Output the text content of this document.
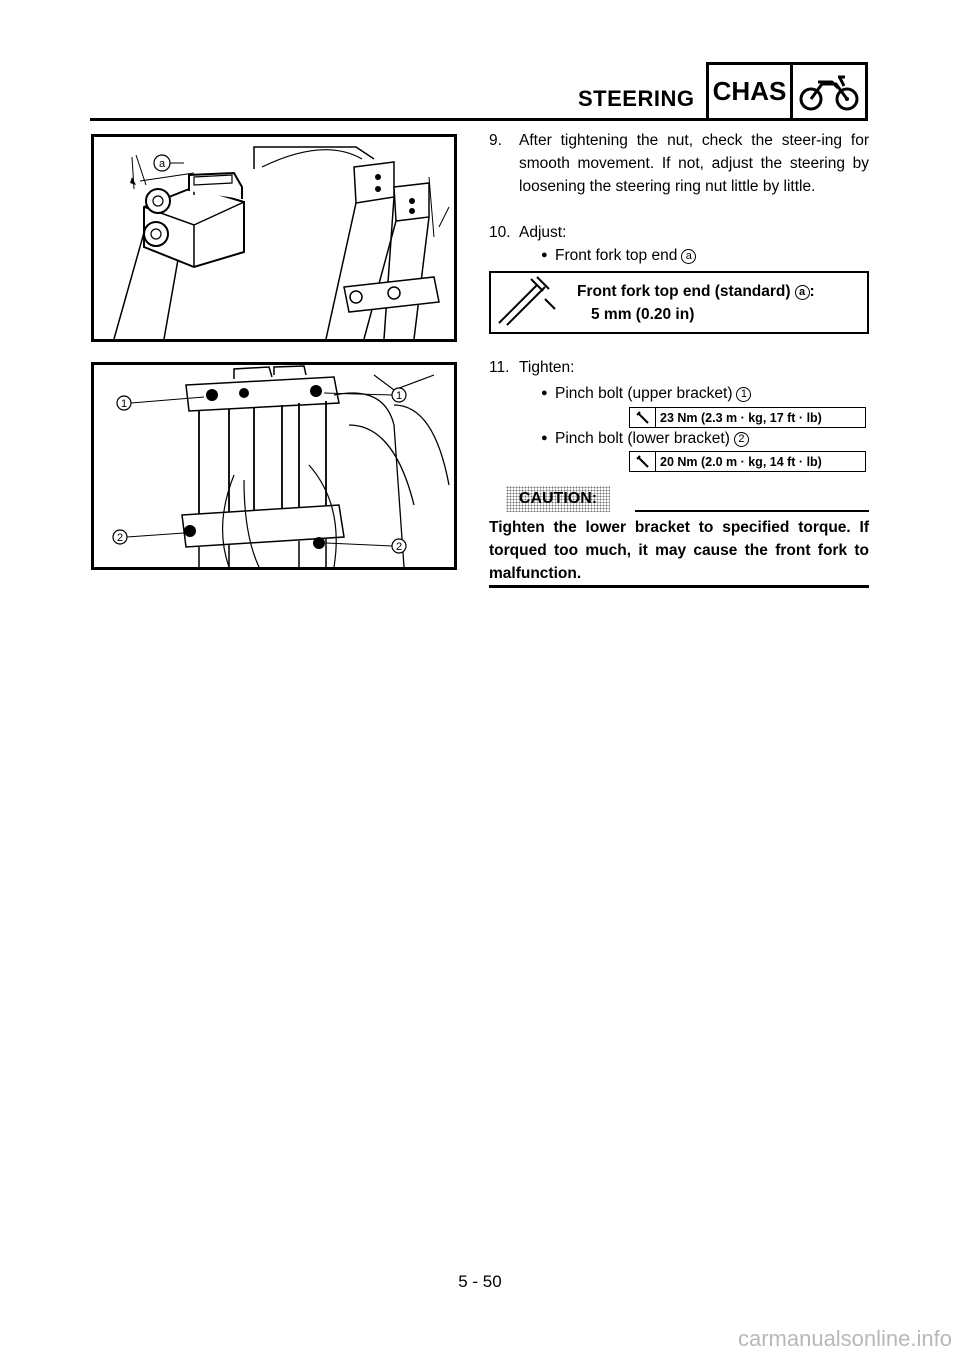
STEERING CHAS
a
1
1
2
2
9.	After tightening the nut, check the steer-ing for smooth movement. If not, adjust the steering by loosening the steering ring nut little by little.
10. Adjust:
● Front fork top end a
Front fork top end (standard) a :
5 mm (0.20 in)
11. Tighten:
● Pinch bolt (upper bracket) 1
23 Nm (2.3 m · kg, 17 ft · lb)
● Pinch bolt (lower bracket) 2
20 Nm (2.0 m · kg, 14 ft · lb)
CAUTION:
Tighten the lower bracket to specified torque. If torqued too much, it may cause the front fork to malfunction.
5 - 50
carmanualsonline.info
